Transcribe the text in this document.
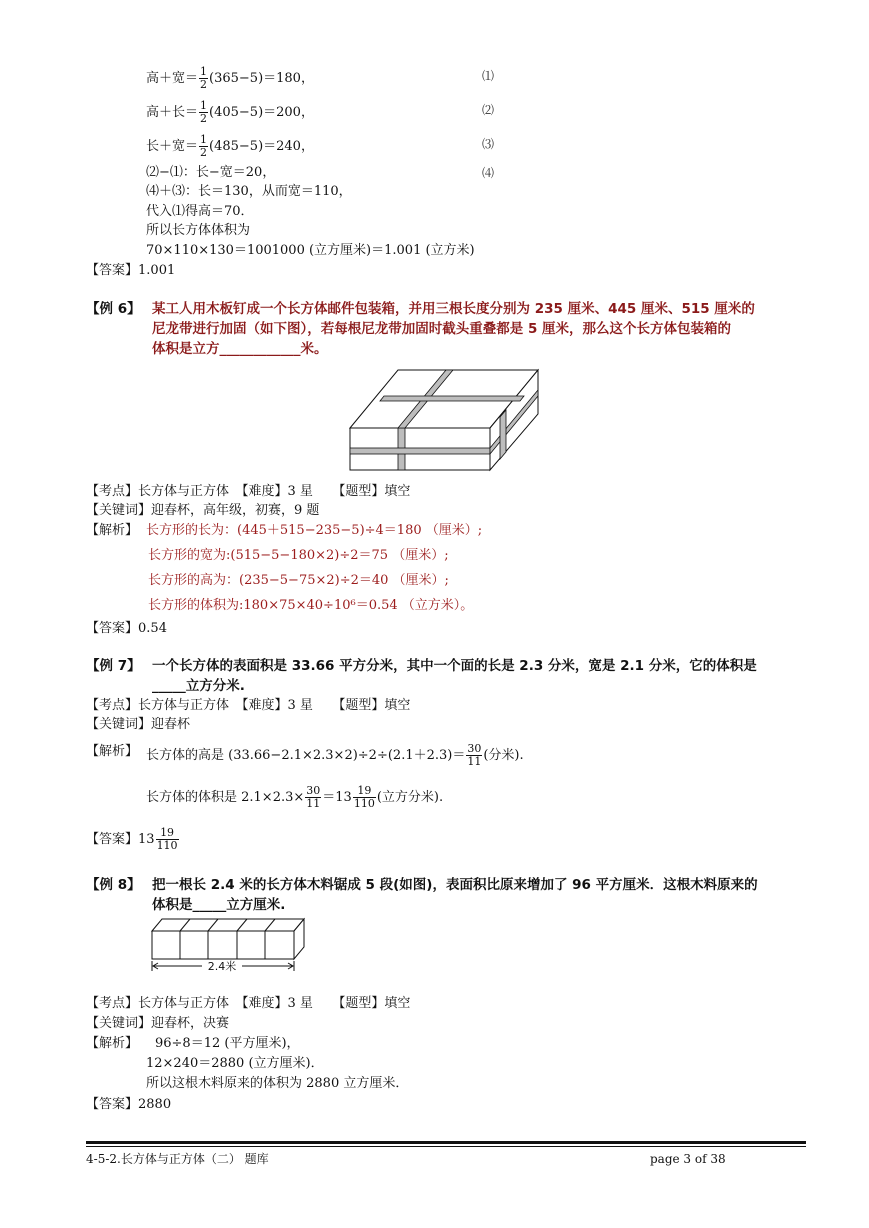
高＋宽＝ $\frac{1}{2} (365-5)=180$，	⑴
高＋长＝ $\frac{1}{2} (405-5)=200$，	⑵
长＋宽＝ $\frac{1}{2} (485-5)=240$，	⑶
⑵−⑴：长−宽＝20，	⑷
⑷＋⑶：长＝130，从而宽＝110，
代入⑴得高＝70．
所以长方体体积为
70×110×130＝1001000 (立方厘米)＝1.001 (立方米)
【答案】1.001
【例 6】 某工人用木板钉成一个长方体邮件包装箱，并用三根长度分别为 235 厘米、445 厘米、515 厘米的
尼龙带进行加固（如下图），若每根尼龙带加固时截头重叠都是 5 厘米，那么这个长方体包装箱的
体积是立方____________米。
【考点】长方体与正方体　【难度】3 星　　【题型】填空
【关键词】迎春杯，高年级，初赛，9 题
【解析】 长方形的长为：(445＋515−235−5)÷4＝180 （厘米）;
长方形的宽为:(515−5−180×2)÷2＝75 （厘米）;
长方形的高为：(235−5−75×2)÷2＝40 （厘米）;
长方形的体积为:180×75×40÷10⁶＝0.54 （立方米）。
【答案】0.54
【例 7】 一个长方体的表面积是 33.66 平方分米，其中一个面的长是 2.3 分米，宽是 2.1 分米，它的体积是
_____立方分米.
【考点】长方体与正方体　【难度】3 星　　【题型】填空
【关键词】迎春杯
【解析】 长方体的高是 $(33.66-2.1\times 2.3\times 2)\div 2\div(2.1+2.3)= \frac{30}{11}$ (分米).
长方体的体积是 $2.1\times 2.3\times \frac{30}{11} =13 \frac{19}{110}$ (立方分米).
【答案】$13 \frac{19}{110}$
【例 8】 把一根长 2.4 米的长方体木料锯成 5 段(如图)，表面积比原来增加了 96 平方厘米．这根木料原来的
体积是_____立方厘米.
2.4米
【考点】长方体与正方体　【难度】3 星　　【题型】填空
【关键词】迎春杯，决赛
【解析】 96÷8＝12 (平方厘米)，
12×240＝2880 (立方厘米)．
所以这根木料原来的体积为 2880 立方厘米．
【答案】2880
4-5-2.长方体与正方体（二） 题库	page 3 of 38
